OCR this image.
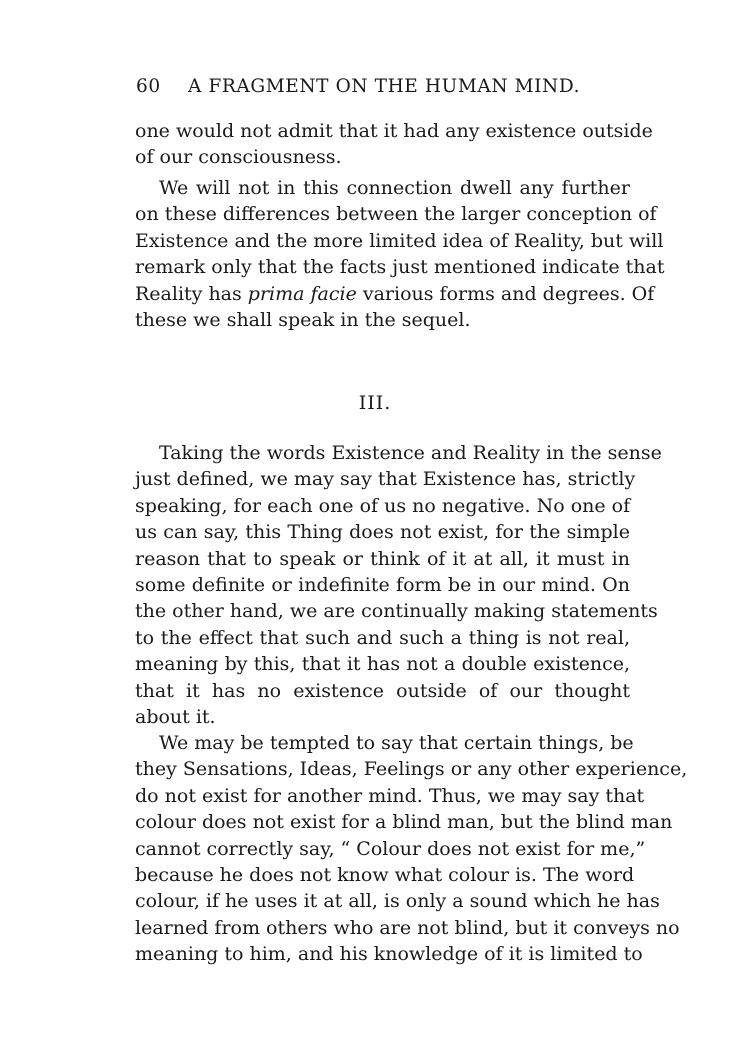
60 A FRAGMENT ON THE HUMAN MIND.
one would not admit that it had any existence outside
of our consciousness.
We will not in this connection dwell any further
on these differences between the larger conception of
Existence and the more limited idea of Reality, but will
remark only that the facts just mentioned indicate that
Reality has prima facie various forms and degrees. Of
these we shall speak in the sequel.
III.
Taking the words Existence and Reality in the sense
just defined, we may say that Existence has, strictly
speaking, for each one of us no negative. No one of
us can say, this Thing does not exist, for the simple
reason that to speak or think of it at all, it must in
some definite or indefinite form be in our mind. On
the other hand, we are continually making statements
to the effect that such and such a thing is not real,
meaning by this, that it has not a double existence,
that it has no existence outside of our thought
about it.
We may be tempted to say that certain things, be
they Sensations, Ideas, Feelings or any other experience,
do not exist for another mind. Thus, we may say that
colour does not exist for a blind man, but the blind man
cannot correctly say, “ Colour does not exist for me,”
because he does not know what colour is. The word
colour, if he uses it at all, is only a sound which he has
learned from others who are not blind, but it conveys no
meaning to him, and his knowledge of it is limited to
